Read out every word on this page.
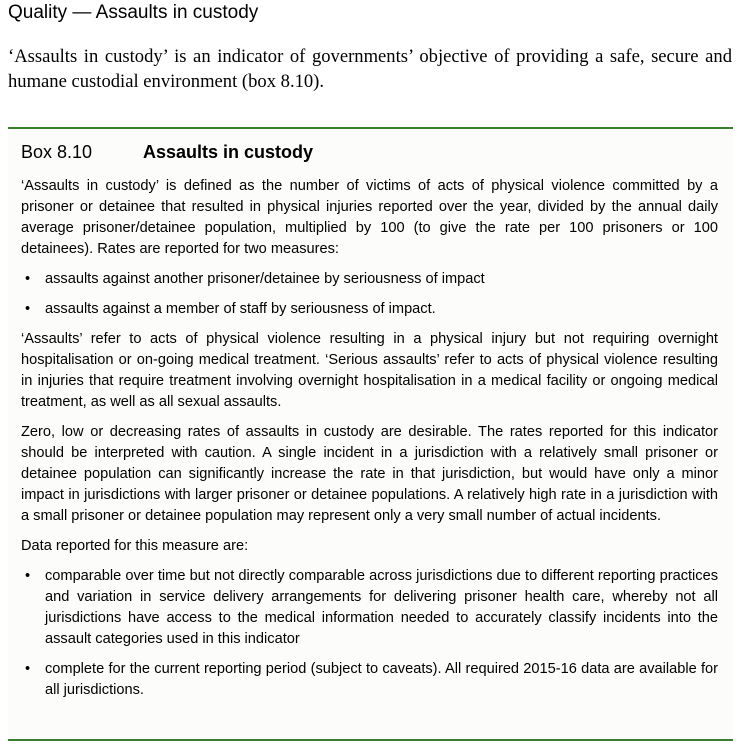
Quality — Assaults in custody
‘Assaults in custody’ is an indicator of governments’ objective of providing a safe, secure and humane custodial environment (box 8.10).
Box 8.10	Assaults in custody

‘Assaults in custody’ is defined as the number of victims of acts of physical violence committed by a prisoner or detainee that resulted in physical injuries reported over the year, divided by the annual daily average prisoner/detainee population, multiplied by 100 (to give the rate per 100 prisoners or 100 detainees). Rates are reported for two measures:

• assaults against another prisoner/detainee by seriousness of impact
• assaults against a member of staff by seriousness of impact.

‘Assaults’ refer to acts of physical violence resulting in a physical injury but not requiring overnight hospitalisation or on-going medical treatment. ‘Serious assaults’ refer to acts of physical violence resulting in injuries that require treatment involving overnight hospitalisation in a medical facility or ongoing medical treatment, as well as all sexual assaults.

Zero, low or decreasing rates of assaults in custody are desirable. The rates reported for this indicator should be interpreted with caution. A single incident in a jurisdiction with a relatively small prisoner or detainee population can significantly increase the rate in that jurisdiction, but would have only a minor impact in jurisdictions with larger prisoner or detainee populations. A relatively high rate in a jurisdiction with a small prisoner or detainee population may represent only a very small number of actual incidents.

Data reported for this measure are:

• comparable over time but not directly comparable across jurisdictions due to different reporting practices and variation in service delivery arrangements for delivering prisoner health care, whereby not all jurisdictions have access to the medical information needed to accurately classify incidents into the assault categories used in this indicator
• complete for the current reporting period (subject to caveats). All required 2015-16 data are available for all jurisdictions.
